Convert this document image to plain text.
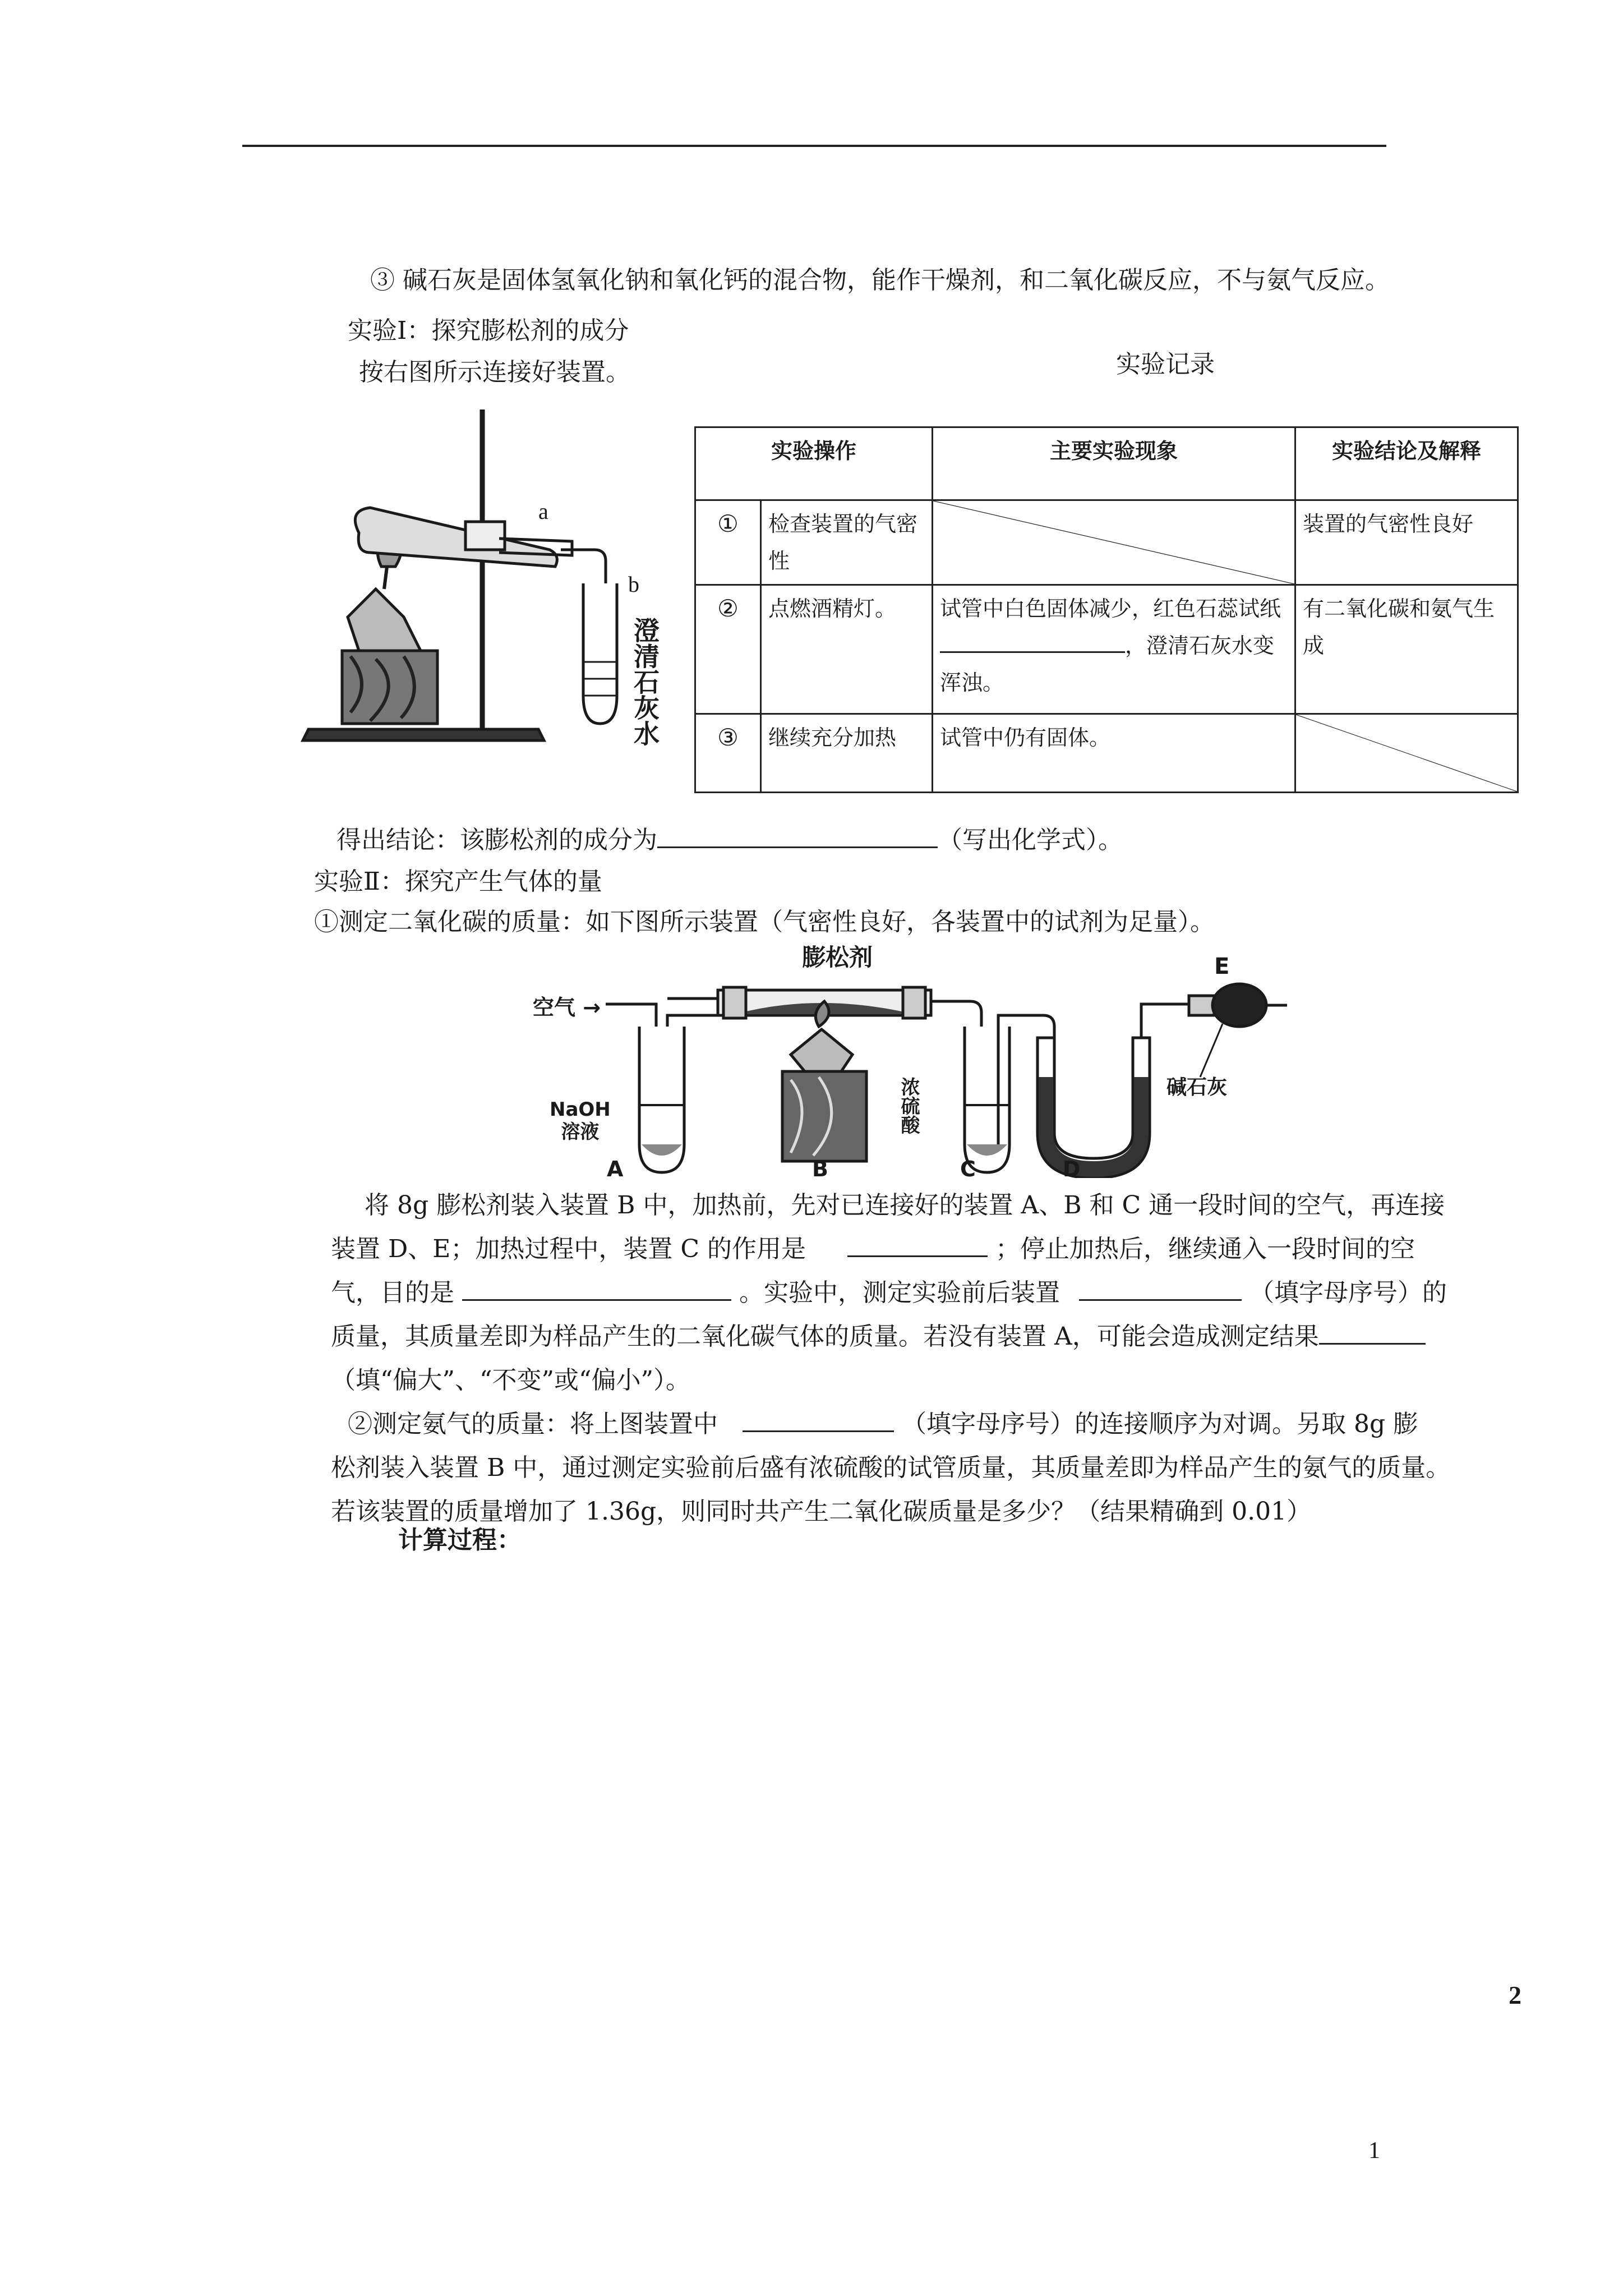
③ 碱石灰是固体氢氧化钠和氧化钙的混合物，能作干燥剂，和二氧化碳反应，不与氨气反应。
实验Ⅰ：探究膨松剂的成分
按右图所示连接好装置。	实验记录
a
b
澄清石灰水
实验操作		主要实验现象	实验结论及解释
①	检查装置的气密性		装置的气密性良好
②	点燃酒精灯。	试管中白色固体减少，红色石蕊试纸，澄清石灰水变浑浊。	有二氧化碳和氨气生成
③	继续充分加热	试管中仍有固体。	
得出结论：该膨松剂的成分为	（写出化学式）。
实验Ⅱ：探究产生气体的量
①测定二氧化碳的质量：如下图所示装置（气密性良好，各装置中的试剂为足量）。
膨松剂	E
空气 →
NaOH
溶液	浓硫酸	碱石灰
A	B	C	D
将 8g 膨松剂装入装置 B 中，加热前，先对已连接好的装置 A、B 和 C 通一段时间的空气，再连接
装置 D、E；加热过程中，装置 C 的作用是	；停止加热后，继续通入一段时间的空
气，目的是	。实验中，测定实验前后装置	（填字母序号）的
质量，其质量差即为样品产生的二氧化碳气体的质量。若没有装置 A，可能会造成测定结果
（填“偏大”、“不变”或“偏小”）。
②测定氨气的质量：将上图装置中	（填字母序号）的连接顺序为对调。另取 8g 膨
松剂装入装置 B 中，通过测定实验前后盛有浓硫酸的试管质量，其质量差即为样品产生的氨气的质量。
若该装置的质量增加了 1.36g，则同时共产生二氧化碳质量是多少？（结果精确到 0.01）
计算过程：
2
1
